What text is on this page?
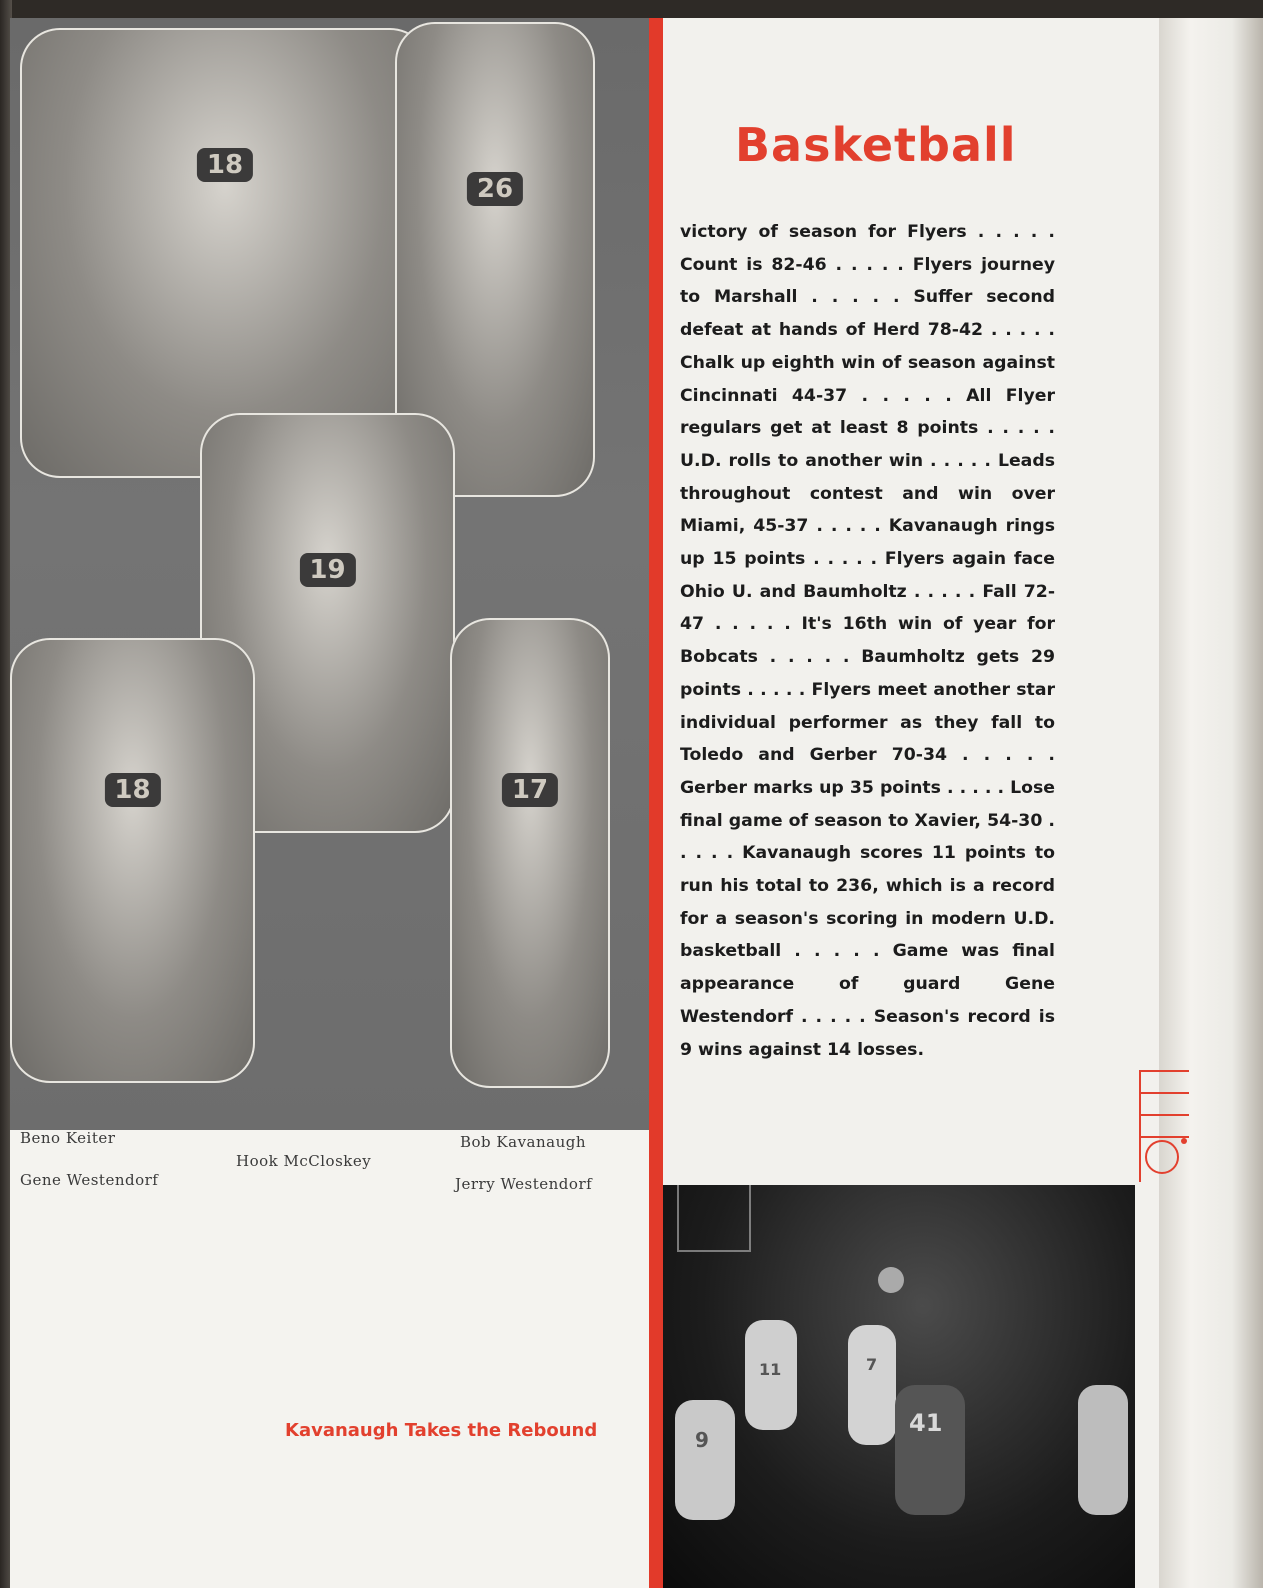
18
26
19
18	17
Beno Keiter
Gene Westendorf
Hook McCloskey
Bob Kavanaugh
Jerry Westendorf

Kavanaugh Takes the Rebound

Basketball

victory of season for Flyers . . . . . Count is 82-46 . . . . . Flyers journey to Marshall . . . . . Suffer second defeat at hands of Herd 78-42 . . . . . Chalk up eighth win of season against Cincinnati 44-37 . . . . . All Flyer regulars get at least 8 points . . . . . U.D. rolls to another win . . . . . Leads throughout contest and win over Miami, 45-37 . . . . . Kavanaugh rings up 15 points . . . . . Flyers again face Ohio U. and Baumholtz . . . . . Fall 72-47 . . . . . It's 16th win of year for Bobcats . . . . . Baumholtz gets 29 points . . . . . Flyers meet another star individual performer as they fall to Toledo and Gerber 70-34 . . . . . Gerber marks up 35 points . . . . . Lose final game of season to Xavier, 54-30 . . . . . Kavanaugh scores 11 points to run his total to 236, which is a record for a season's scoring in modern U.D. basketball . . . . . Game was final appearance of guard Gene Westendorf . . . . . Season's record is 9 wins against 14 losses.

11	7
9
41
